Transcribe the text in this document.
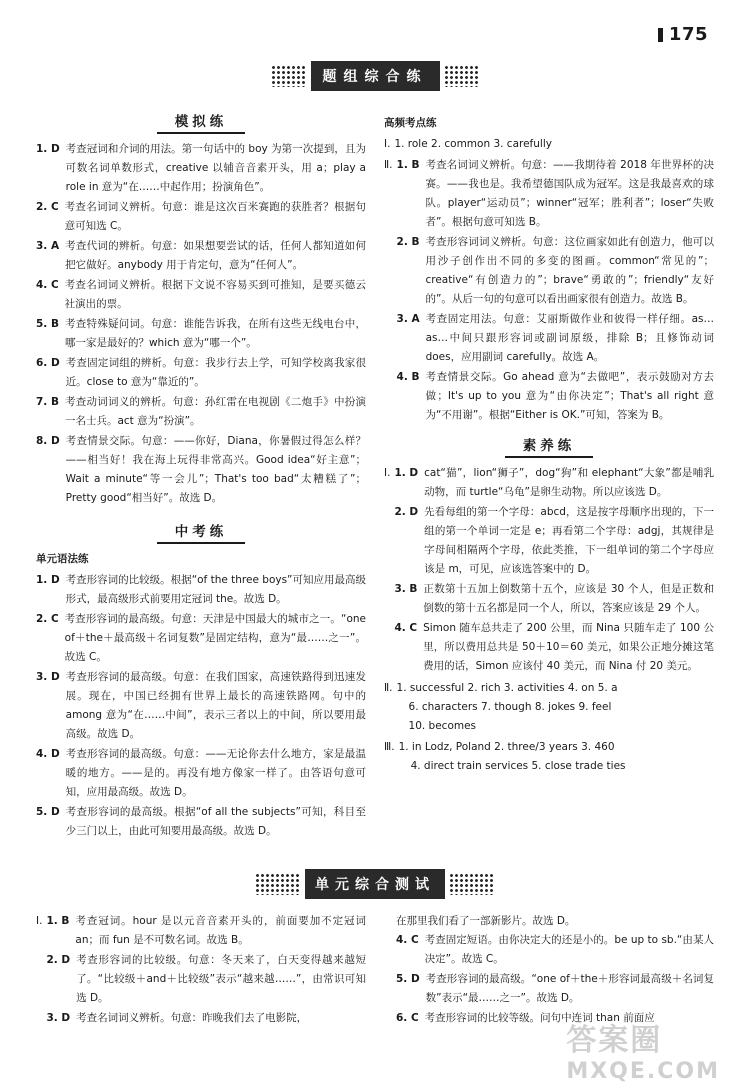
175
题组综合练
模拟练
1. D 考查冠词和介词的用法。第一句话中的 boy 为第一次提到，且为可数名词单数形式，creative 以辅音音素开头，用 a；play a role in 意为“在……中起作用；扮演角色”。
2. C 考查名词词义辨析。句意：谁是这次百米赛跑的获胜者？根据句意可知选 C。
3. A 考查代词的辨析。句意：如果想要尝试的话，任何人都知道如何把它做好。anybody 用于肯定句，意为“任何人”。
4. C 考查名词词义辨析。根据下文说不容易买到可推知，是要买德云社演出的票。
5. B 考查特殊疑问词。句意：谁能告诉我，在所有这些无线电台中，哪一家是最好的？which 意为“哪一个”。
6. D 考查固定词组的辨析。句意：我步行去上学，可知学校离我家很近。close to 意为“靠近的”。
7. B 考查动词词义的辨析。句意：孙红雷在电视剧《二炮手》中扮演一名士兵。act 意为“扮演”。
8. D 考查情景交际。句意：——你好，Diana，你暑假过得怎么样？——相当好！我在海上玩得非常高兴。Good idea“好主意”；Wait a minute“等一会儿”；That's too bad“太糟糕了”；Pretty good“相当好”。故选 D。
中考练
单元语法练
1. D 考查形容词的比较级。根据“of the three boys”可知应用最高级形式，最高级形式前要用定冠词 the。故选 D。
2. C 考查形容词的最高级。句意：天津是中国最大的城市之一。“one of＋the＋最高级＋名词复数”是固定结构，意为“最……之一”。故选 C。
3. D 考查形容词的最高级。句意：在我们国家，高速铁路得到迅速发展。现在，中国已经拥有世界上最长的高速铁路网。句中的 among 意为“在……中间”，表示三者以上的中间，所以要用最高级。故选 D。
4. D 考查形容词的最高级。句意：——无论你去什么地方，家是最温暖的地方。——是的。再没有地方像家一样了。由答语句意可知，应用最高级。故选 D。
5. D 考查形容词的最高级。根据“of all the subjects”可知，科目至少三门以上，由此可知要用最高级。故选 D。
高频考点练
Ⅰ. 1. role 2. common 3. carefully
Ⅱ. 1. B 考查名词词义辨析。句意：——我期待着 2018 年世界杯的决赛。——我也是。我希望德国队成为冠军。这是我最喜欢的球队。player“运动员”；winner“冠军；胜利者”；loser“失败者”。根据句意可知选 B。
2. B 考查形容词词义辨析。句意：这位画家如此有创造力，他可以用沙子创作出不同的多变的图画。common“常见的”；creative“有创造力的”；brave“勇敢的”；friendly“友好的”。从后一句的句意可以看出画家很有创造力。故选 B。
3. A 考查固定用法。句意：艾丽斯做作业和彼得一样仔细。as…as…中间只跟形容词或副词原级，排除 B；且修饰动词 does，应用副词 carefully。故选 A。
4. B 考查情景交际。Go ahead 意为“去做吧”，表示鼓励对方去做；It's up to you 意为“由你决定”；That's all right 意为“不用谢”。根据“Either is OK.”可知，答案为 B。
素养练
Ⅰ. 1. D cat“猫”，lion“狮子”，dog“狗”和 elephant“大象”都是哺乳动物，而 turtle“乌龟”是卵生动物。所以应该选 D。
2. D 先看每组的第一个字母：abcd，这是按字母顺序出现的，下一组的第一个单词一定是 e；再看第二个字母：adgj，其规律是字母间相隔两个字母，依此类推，下一组单词的第二个字母应该是 m，可见，应该选答案中的 D。
3. B 正数第十五加上倒数第十五个，应该是 30 个人，但是正数和倒数的第十五名都是同一个人，所以，答案应该是 29 个人。
4. C Simon 随车总共走了 200 公里，而 Nina 只随车走了 100 公里，所以费用总共是 50＋10＝60 美元，如果公正地分摊这笔费用的话，Simon 应该付 40 美元，而 Nina 付 20 美元。
Ⅱ. 1. successful 2. rich 3. activities 4. on 5. a
6. characters 7. though 8. jokes 9. feel
10. becomes
Ⅲ. 1. in Lodz, Poland 2. three/3 years 3. 460
4. direct train services 5. close trade ties
单元综合测试
Ⅰ. 1. B 考查冠词。hour 是以元音音素开头的，前面要加不定冠词 an；而 fun 是不可数名词。故选 B。
2. D 考查形容词的比较级。句意：冬天来了，白天变得越来越短了。“比较级＋and＋比较级”表示“越来越……”，由常识可知选 D。
3. D 考查名词词义辨析。句意：昨晚我们去了电影院，
在那里我们看了一部新影片。故选 D。
4. C 考查固定短语。由你决定大的还是小的。be up to sb.“由某人决定”。故选 C。
5. D 考查形容词的最高级。“one of＋the＋形容词最高级＋名词复数”表示“最……之一”。故选 D。
6. C 考查形容词的比较等级。问句中连词 than 前面应
答案圈
MXQE.COM
